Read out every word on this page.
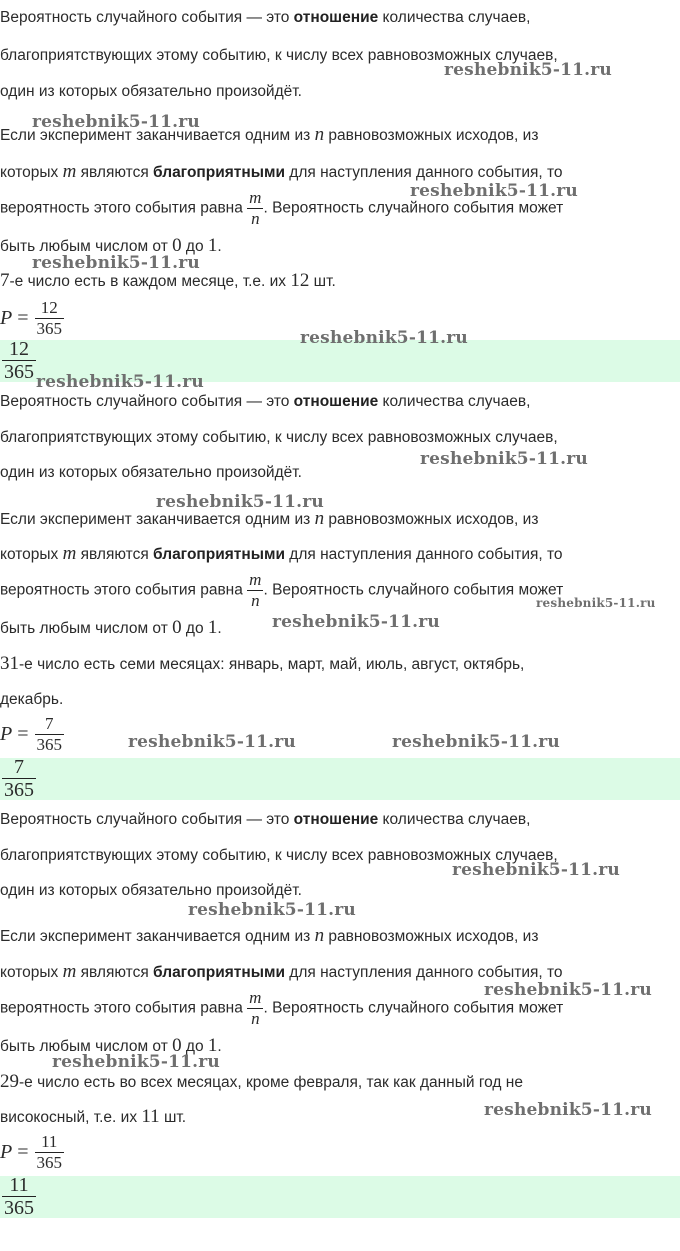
Вероятность случайного события — это отношение количества случаев,
благоприятствующих этому событию, к числу всех равновозможных случаев,
один из которых обязательно произойдёт.
Если эксперимент заканчивается одним из n равновозможных исходов, из
которых m являются благоприятными для наступления данного события, то
вероятность этого события равна $\frac{m}{n}$ . Вероятность случайного события может
быть любым числом от 0 до 1.
7-е число есть в каждом месяце, т.е. их 12 шт.
$P = \frac{12}{365}$
12
365
Вероятность случайного события — это отношение количества случаев,
благоприятствующих этому событию, к числу всех равновозможных случаев,
один из которых обязательно произойдёт.
Если эксперимент заканчивается одним из n равновозможных исходов, из
которых m являются благоприятными для наступления данного события, то
вероятность этого события равна $\frac{m}{n}$ . Вероятность случайного события может
быть любым числом от 0 до 1.
31-е число есть семи месяцах: январь, март, май, июль, август, октябрь,
декабрь.
$P = \frac{7}{365}$
7
365
Вероятность случайного события — это отношение количества случаев,
благоприятствующих этому событию, к числу всех равновозможных случаев,
один из которых обязательно произойдёт.
Если эксперимент заканчивается одним из n равновозможных исходов, из
которых m являются благоприятными для наступления данного события, то
вероятность этого события равна $\frac{m}{n}$ . Вероятность случайного события может
быть любым числом от 0 до 1.
29-е число есть во всех месяцах, кроме февраля, так как данный год не
високосный, т.е. их 11 шт.
$P = \frac{11}{365}$
11
365
reshebnik5-11.ru
reshebnik5-11.ru
reshebnik5-11.ru
reshebnik5-11.ru
reshebnik5-11.ru
reshebnik5-11.ru
reshebnik5-11.ru
reshebnik5-11.ru
reshebnik5-11.ru
reshebnik5-11.ru
reshebnik5-11.ru	reshebnik5-11.ru
reshebnik5-11.ru
reshebnik5-11.ru
reshebnik5-11.ru
reshebnik5-11.ru
reshebnik5-11.ru
